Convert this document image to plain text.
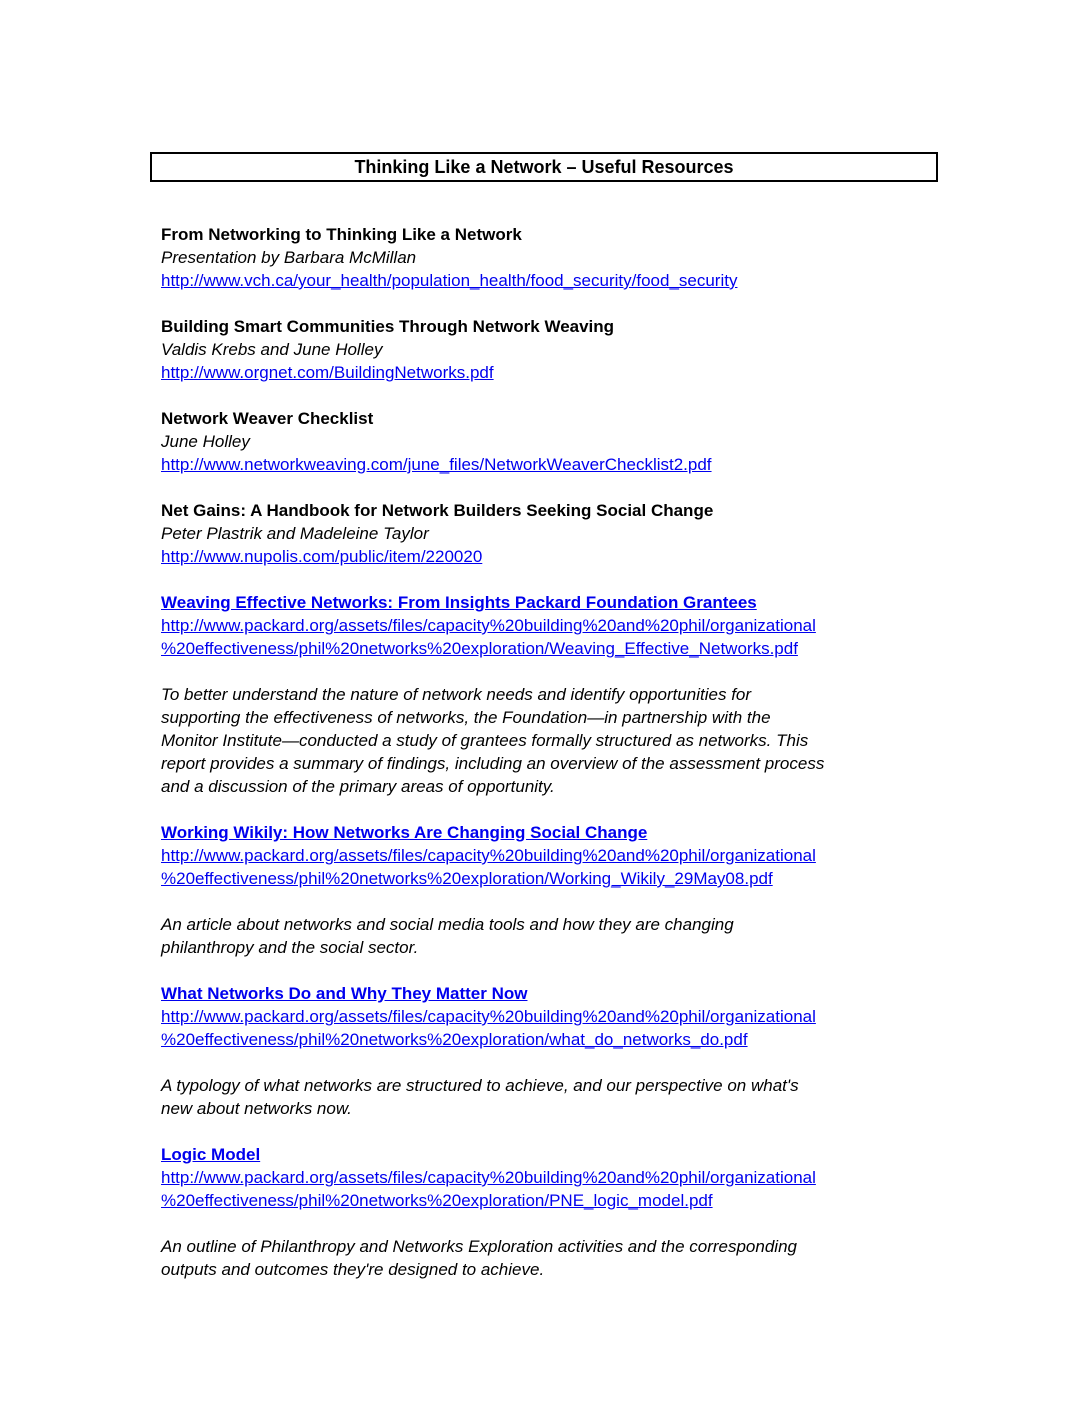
Thinking Like a Network – Useful Resources
From Networking to Thinking Like a Network
Presentation by Barbara McMillan
http://www.vch.ca/your_health/population_health/food_security/food_security
Building Smart Communities Through Network Weaving
Valdis Krebs and June Holley
http://www.orgnet.com/BuildingNetworks.pdf
Network Weaver Checklist
June Holley
http://www.networkweaving.com/june_files/NetworkWeaverChecklist2.pdf
Net Gains: A Handbook for Network Builders Seeking Social Change
Peter Plastrik and Madeleine Taylor
http://www.nupolis.com/public/item/220020
Weaving Effective Networks: From Insights Packard Foundation Grantees
http://www.packard.org/assets/files/capacity%20building%20and%20phil/organizational
%20effectiveness/phil%20networks%20exploration/Weaving_Effective_Networks.pdf
To better understand the nature of network needs and identify opportunities for
supporting the effectiveness of networks, the Foundation—in partnership with the
Monitor Institute—conducted a study of grantees formally structured as networks. This
report provides a summary of findings, including an overview of the assessment process
and a discussion of the primary areas of opportunity.
Working Wikily: How Networks Are Changing Social Change
http://www.packard.org/assets/files/capacity%20building%20and%20phil/organizational
%20effectiveness/phil%20networks%20exploration/Working_Wikily_29May08.pdf
An article about networks and social media tools and how they are changing
philanthropy and the social sector.
What Networks Do and Why They Matter Now
http://www.packard.org/assets/files/capacity%20building%20and%20phil/organizational
%20effectiveness/phil%20networks%20exploration/what_do_networks_do.pdf
A typology of what networks are structured to achieve, and our perspective on what's
new about networks now.
Logic Model
http://www.packard.org/assets/files/capacity%20building%20and%20phil/organizational
%20effectiveness/phil%20networks%20exploration/PNE_logic_model.pdf
An outline of Philanthropy and Networks Exploration activities and the corresponding
outputs and outcomes they're designed to achieve.
